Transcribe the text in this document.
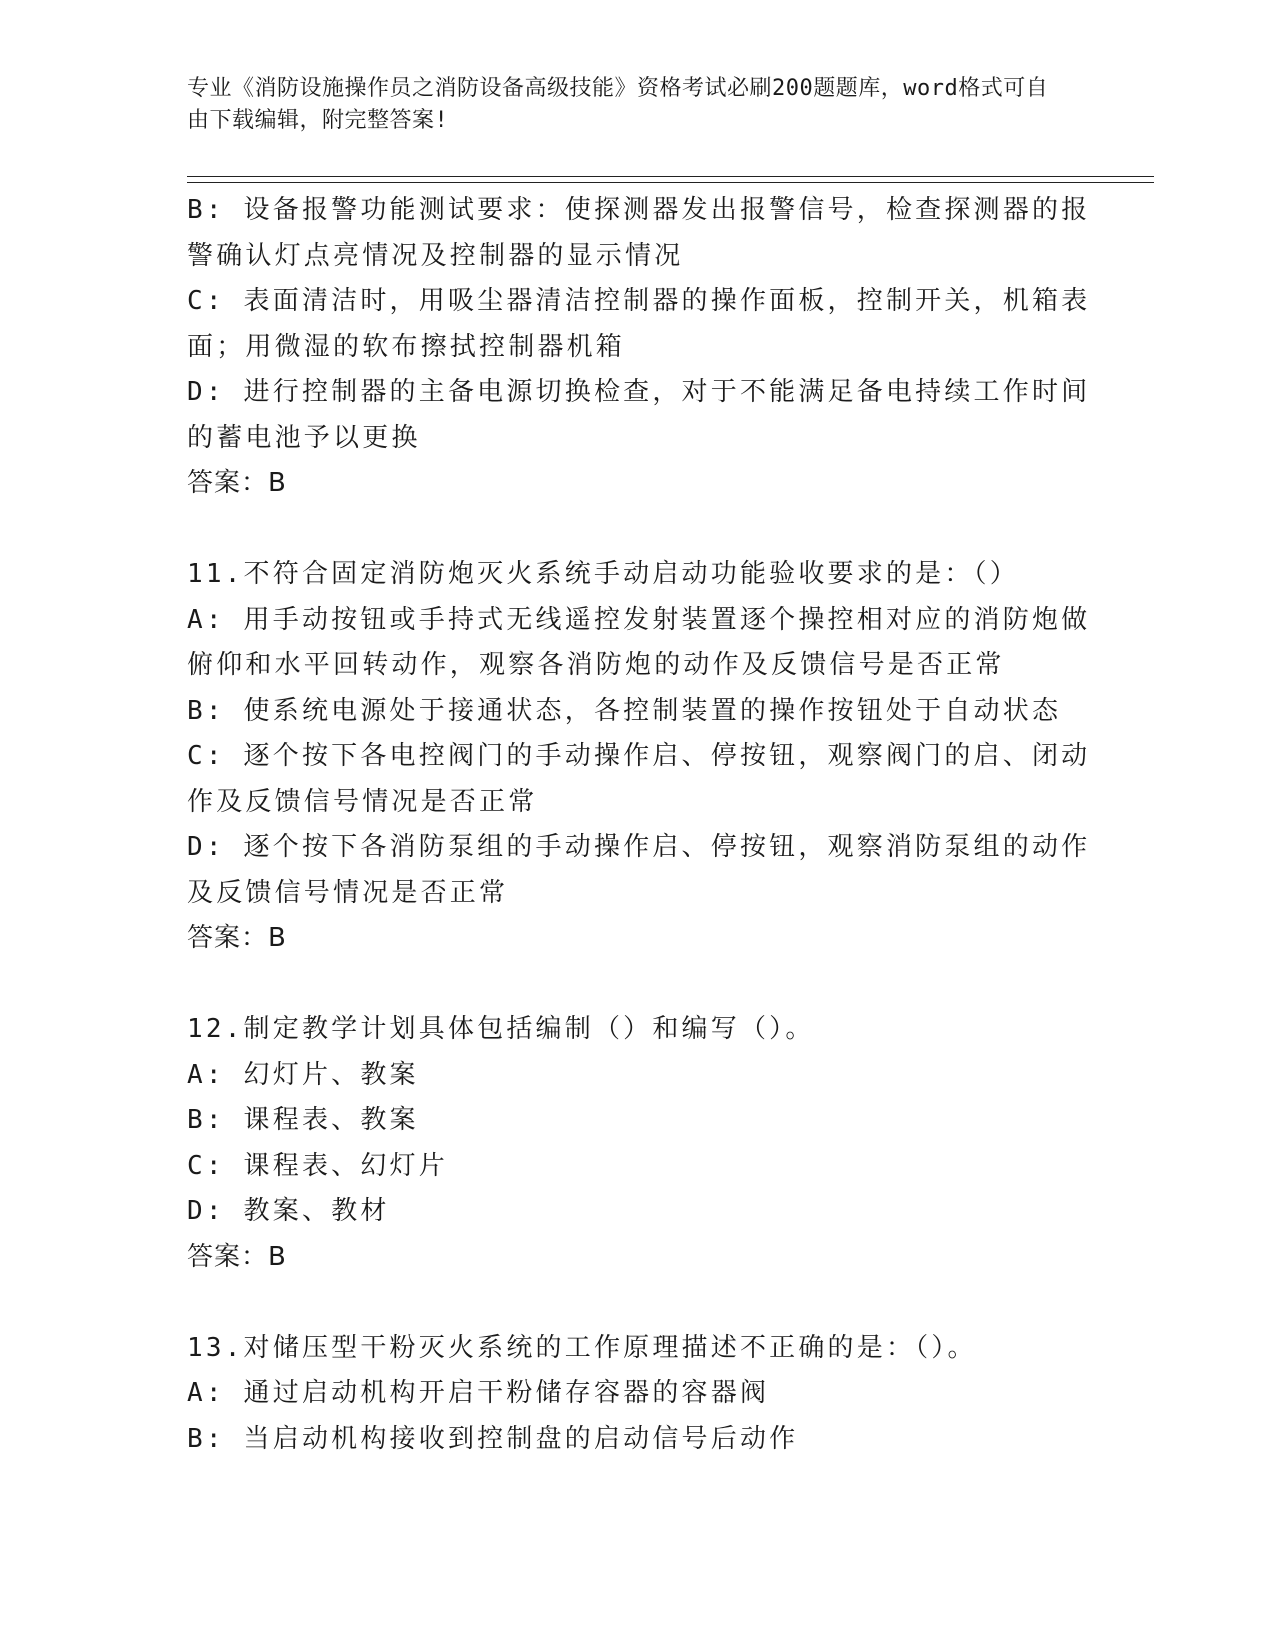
专业《消防设施操作员之消防设备高级技能》资格考试必刷200题题库，word格式可自由下载编辑，附完整答案!
B: 设备报警功能测试要求：使探测器发出报警信号，检查探测器的报
警确认灯点亮情况及控制器的显示情况
C: 表面清洁时，用吸尘器清洁控制器的操作面板，控制开关，机箱表
面；用微湿的软布擦拭控制器机箱
D: 进行控制器的主备电源切换检查，对于不能满足备电持续工作时间
的蓄电池予以更换
答案：B
11.不符合固定消防炮灭火系统手动启动功能验收要求的是：（）
A: 用手动按钮或手持式无线遥控发射装置逐个操控相对应的消防炮做
俯仰和水平回转动作，观察各消防炮的动作及反馈信号是否正常
B: 使系统电源处于接通状态，各控制装置的操作按钮处于自动状态
C: 逐个按下各电控阀门的手动操作启、停按钮，观察阀门的启、闭动
作及反馈信号情况是否正常
D: 逐个按下各消防泵组的手动操作启、停按钮，观察消防泵组的动作
及反馈信号情况是否正常
答案：B
12.制定教学计划具体包括编制（）和编写（）。
A: 幻灯片、教案
B: 课程表、教案
C: 课程表、幻灯片
D: 教案、教材
答案：B
13.对储压型干粉灭火系统的工作原理描述不正确的是：（）。
A: 通过启动机构开启干粉储存容器的容器阀
B: 当启动机构接收到控制盘的启动信号后动作
